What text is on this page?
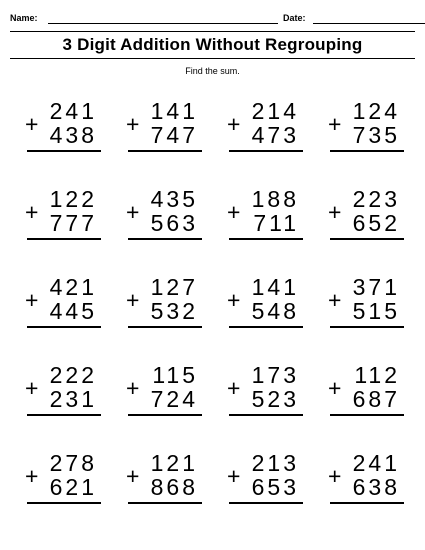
Name:	Date:
3 Digit Addition Without Regrouping
Find the sum.
+ 241
438 + 141
747 + 214
473 + 124
735
+ 122
777 + 435
563 + 188
711 + 223
652
+ 421
445 + 127
532 + 141
548 + 371
515
+ 222
231 + 115
724 + 173
523 + 112
687
+ 278
621 + 121
868 + 213
653 + 241
638
